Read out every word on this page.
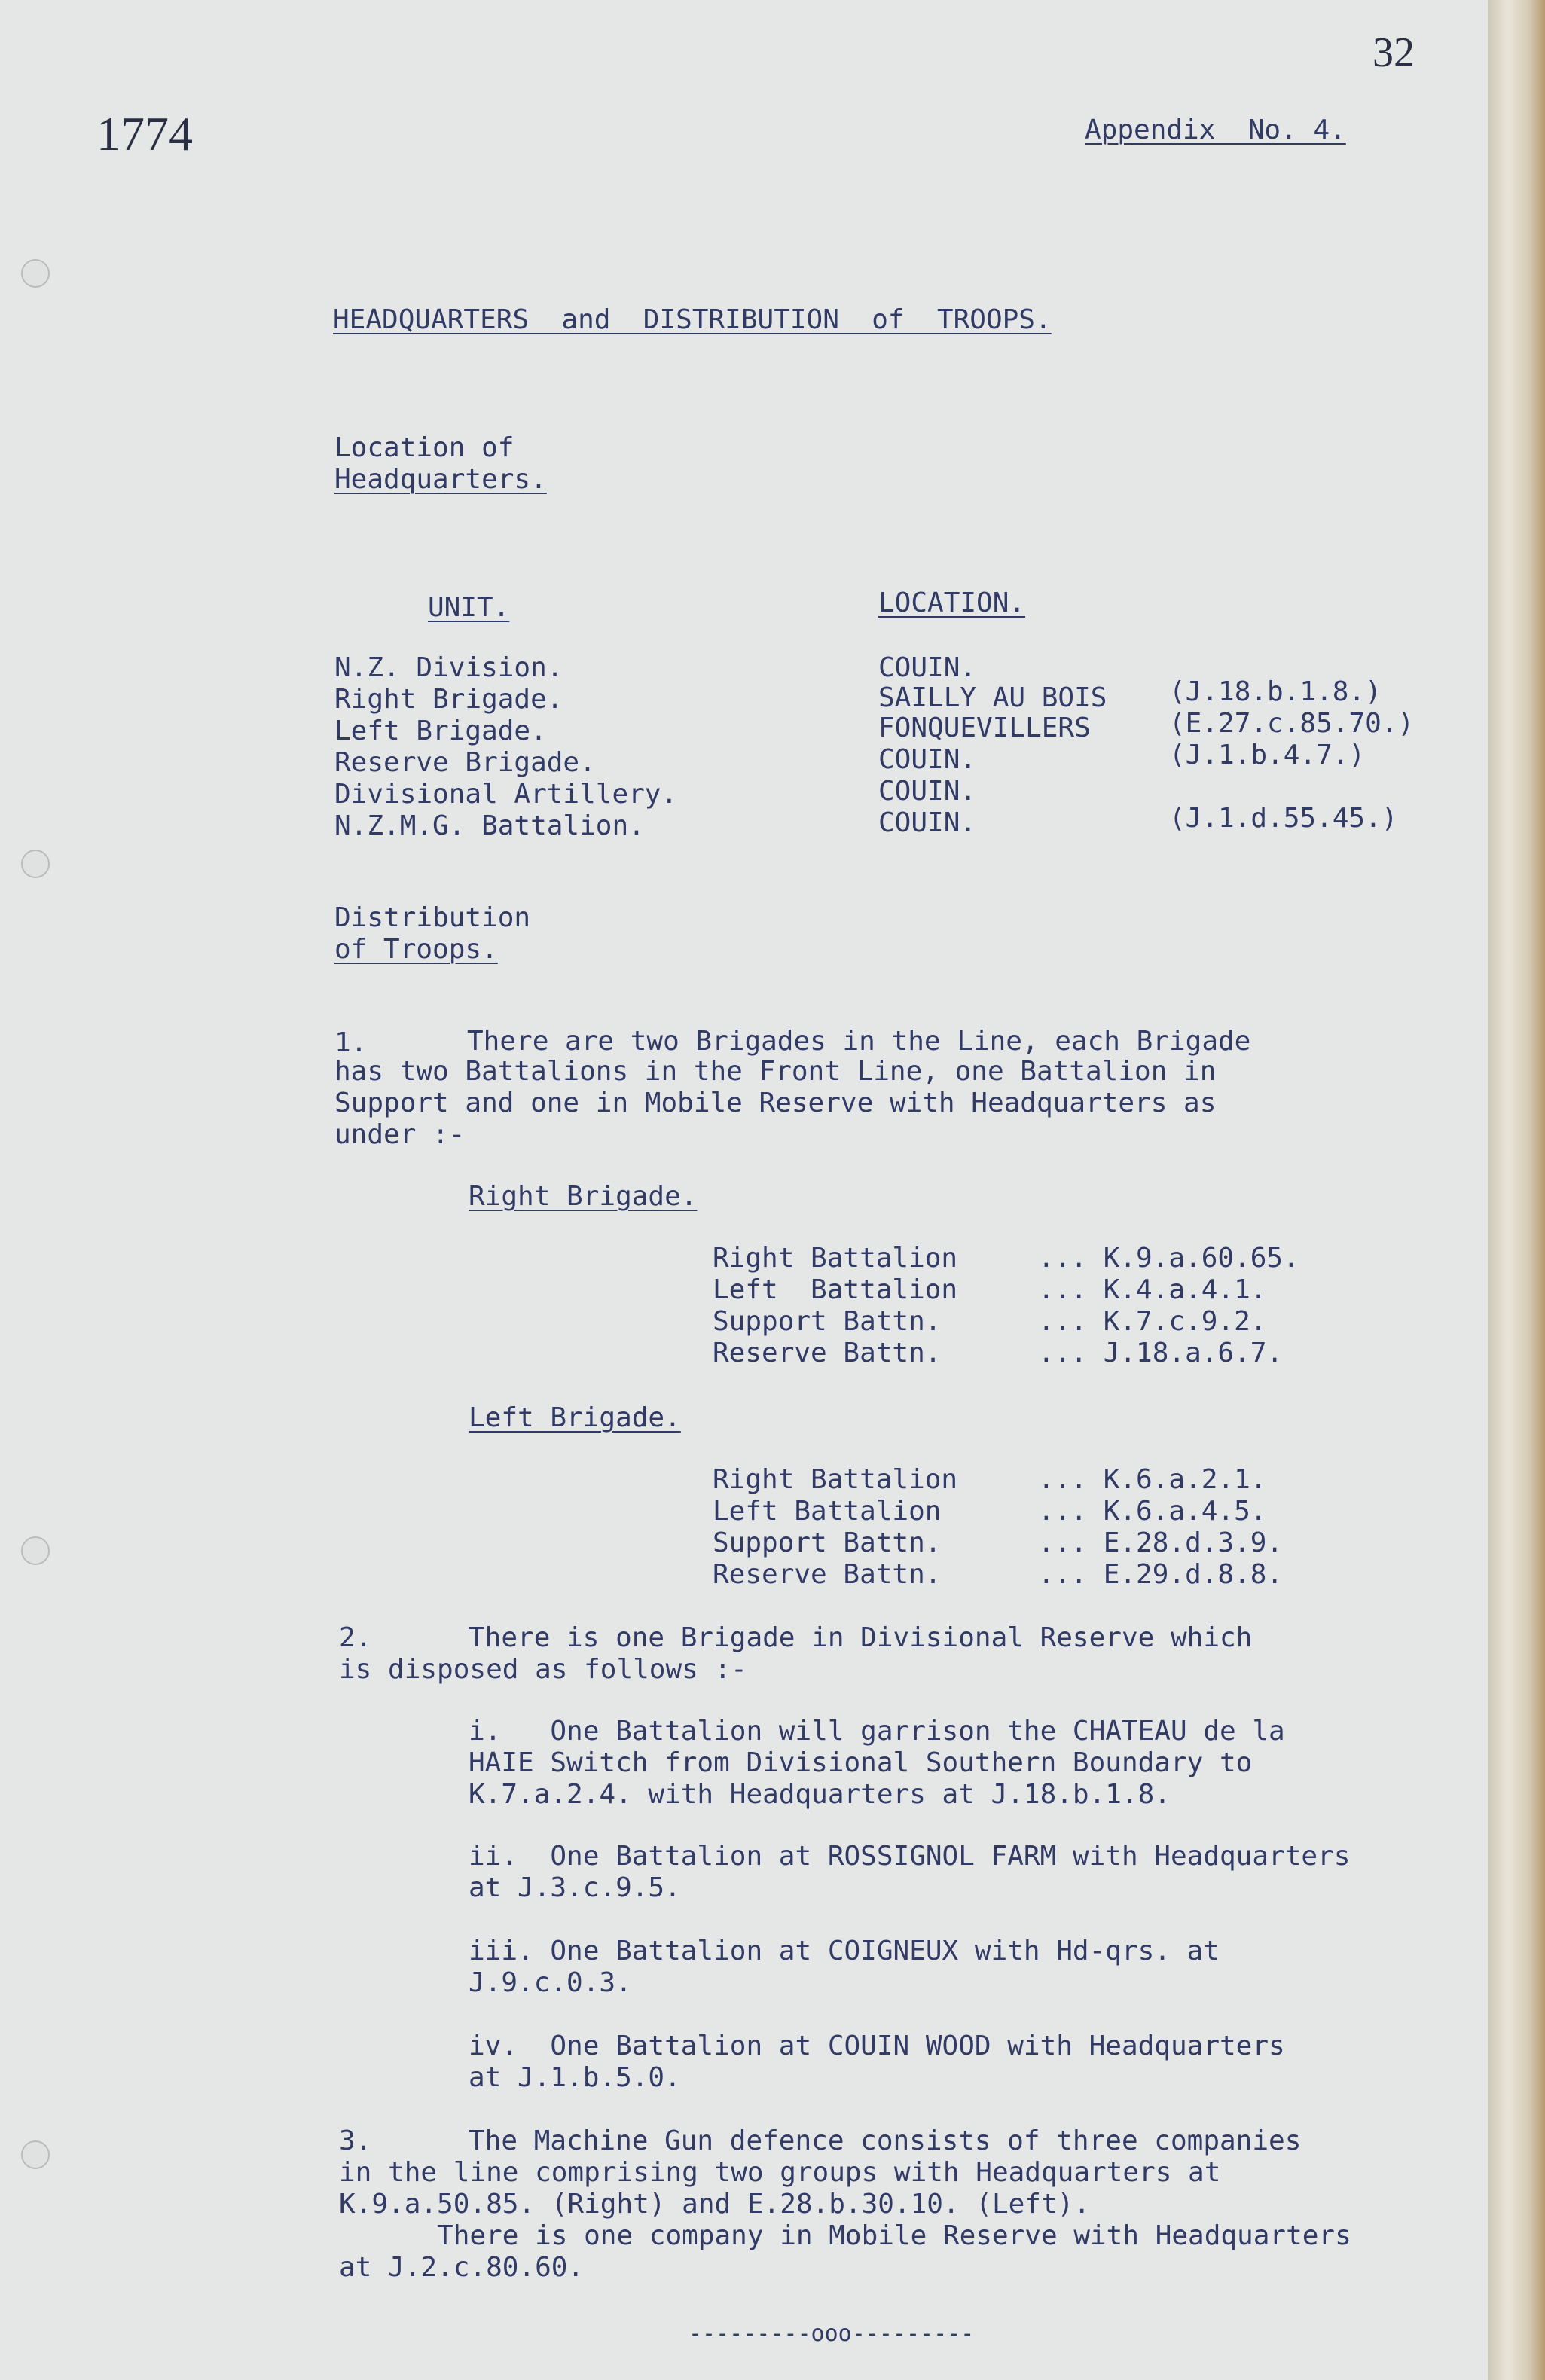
32

1774	Appendix  No. 4.

HEADQUARTERS  and  DISTRIBUTION  of  TROOPS.

Location of

Headquarters.

UNIT.	LOCATION.

N.Z. Division.	COUIN.

Right Brigade.	SAILLY AU BOIS (J.18.b.1.8.)

Left Brigade.	FONQUEVILLERS	(E.27.c.85.70.)

Reserve Brigade.	COUIN.	(J.1.b.4.7.)

Divisional Artillery.	COUIN.

N.Z.M.G. Battalion.	COUIN.	(J.1.d.55.45.)

Distribution

of Troops.

1.	There are two Brigades in the Line, each Brigade

has two Battalions in the Front Line, one Battalion in

Support and one in Mobile Reserve with Headquarters as

under :-

Right Brigade.

Right Battalion	... K.9.a.60.65.

Left  Battalion	... K.4.a.4.1.

Support Battn.	... K.7.c.9.2.

Reserve Battn.	... J.18.a.6.7.

Left Brigade.

Right Battalion	... K.6.a.2.1.

Left Battalion	... K.6.a.4.5.

Support Battn.	... E.28.d.3.9.

Reserve Battn.	... E.29.d.8.8.

2.	There is one Brigade in Divisional Reserve which

is disposed as follows :-

i.   One Battalion will garrison the CHATEAU de la

HAIE Switch from Divisional Southern Boundary to

K.7.a.2.4. with Headquarters at J.18.b.1.8.

ii.  One Battalion at ROSSIGNOL FARM with Headquarters

at J.3.c.9.5.

iii. One Battalion at COIGNEUX with Hd-qrs. at

J.9.c.0.3.

iv.  One Battalion at COUIN WOOD with Headquarters

at J.1.b.5.0.

3.	The Machine Gun defence consists of three companies

in the line comprising two groups with Headquarters at

K.9.a.50.85. (Right) and E.28.b.30.10. (Left).

There is one company in Mobile Reserve with Headquarters

at J.2.c.80.60.

---------ooo---------
